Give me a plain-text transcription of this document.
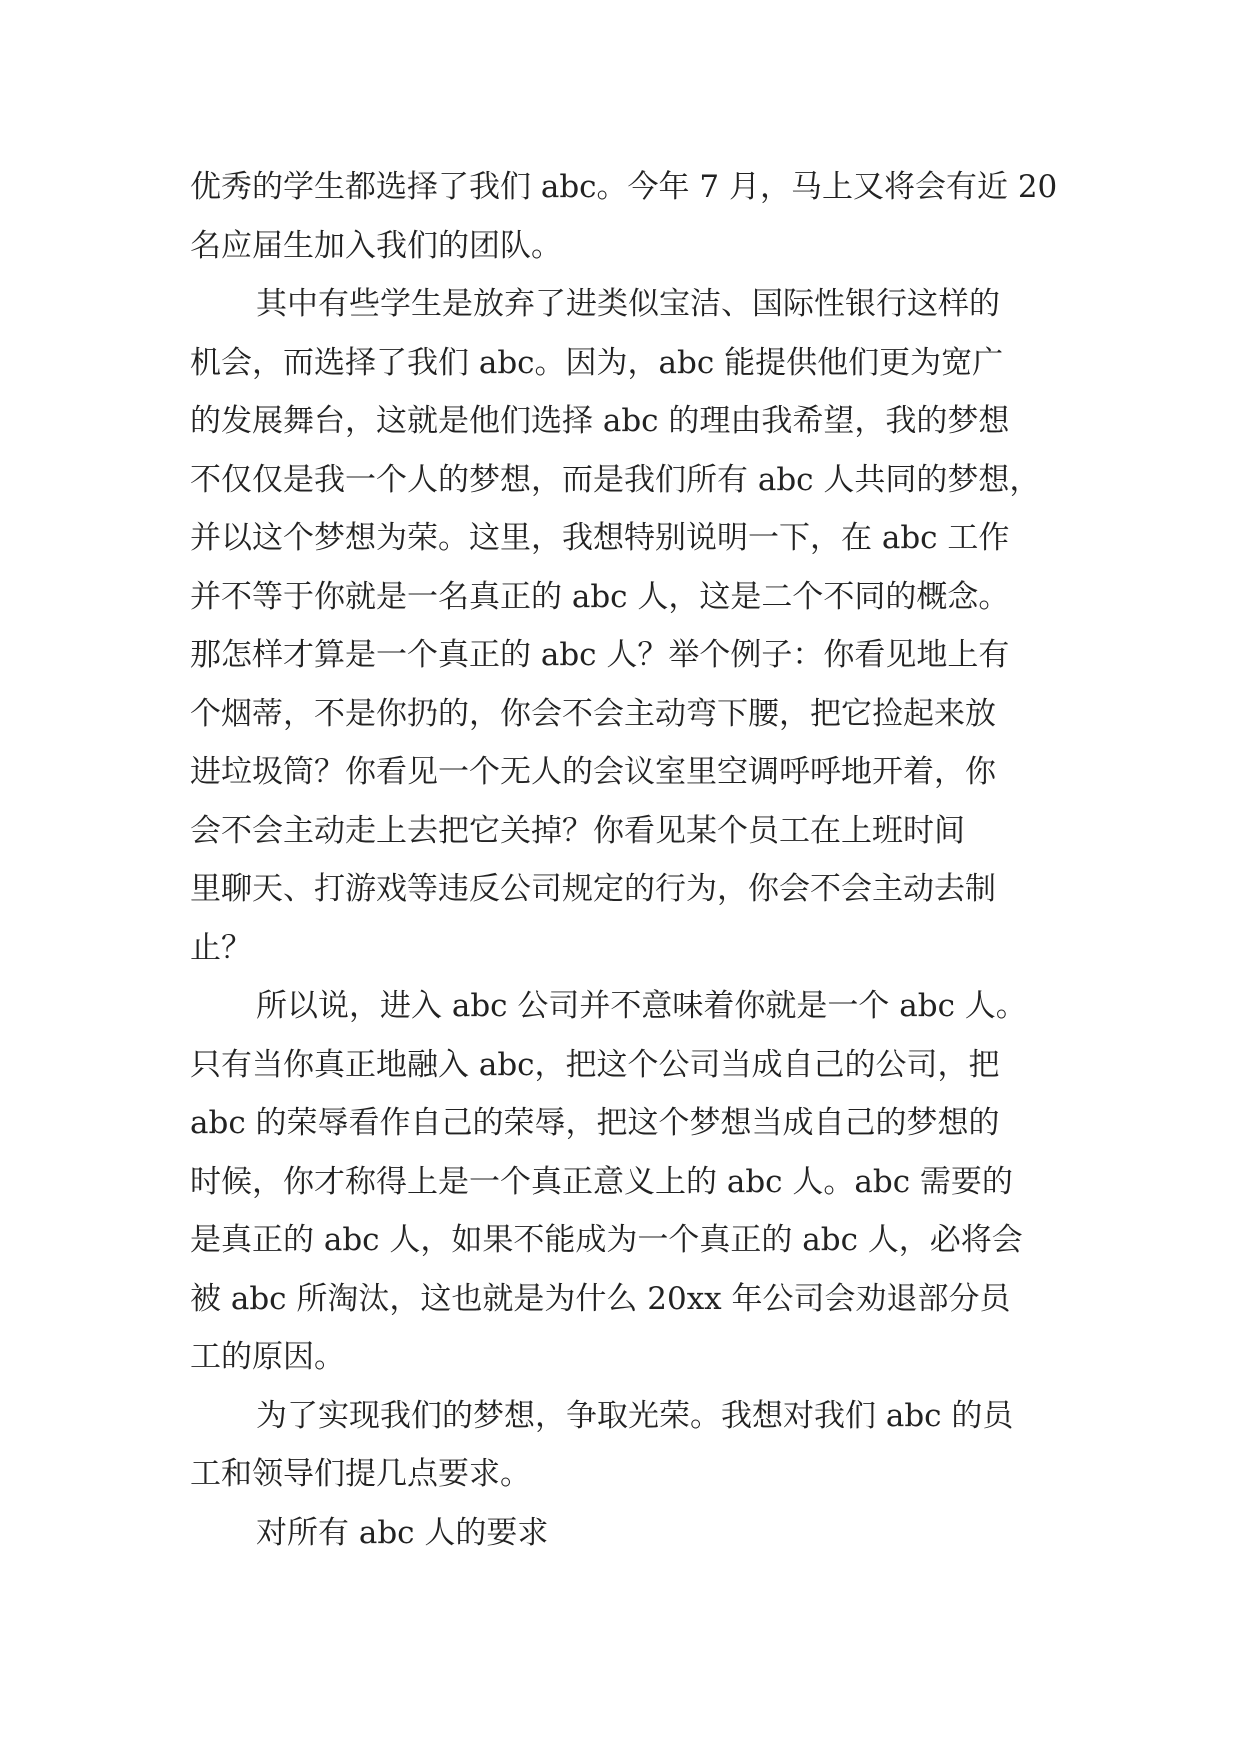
优秀的学生都选择了我们 abc。今年 7 月，马上又将会有近 20
名应届生加入我们的团队。
其中有些学生是放弃了进类似宝洁、国际性银行这样的
机会，而选择了我们 abc。因为，abc 能提供他们更为宽广
的发展舞台，这就是他们选择 abc 的理由我希望，我的梦想
不仅仅是我一个人的梦想，而是我们所有 abc 人共同的梦想，
并以这个梦想为荣。这里，我想特别说明一下，在 abc 工作
并不等于你就是一名真正的 abc 人，这是二个不同的概念。
那怎样才算是一个真正的 abc 人？举个例子：你看见地上有
个烟蒂，不是你扔的，你会不会主动弯下腰，把它捡起来放
进垃圾筒？你看见一个无人的会议室里空调呼呼地开着，你
会不会主动走上去把它关掉？你看见某个员工在上班时间
里聊天、打游戏等违反公司规定的行为，你会不会主动去制
止？
所以说，进入 abc 公司并不意味着你就是一个 abc 人。
只有当你真正地融入 abc，把这个公司当成自己的公司，把
abc 的荣辱看作自己的荣辱，把这个梦想当成自己的梦想的
时候，你才称得上是一个真正意义上的 abc 人。abc 需要的
是真正的 abc 人，如果不能成为一个真正的 abc 人，必将会
被 abc 所淘汰，这也就是为什么 20xx 年公司会劝退部分员
工的原因。
为了实现我们的梦想，争取光荣。我想对我们 abc 的员
工和领导们提几点要求。
对所有 abc 人的要求
